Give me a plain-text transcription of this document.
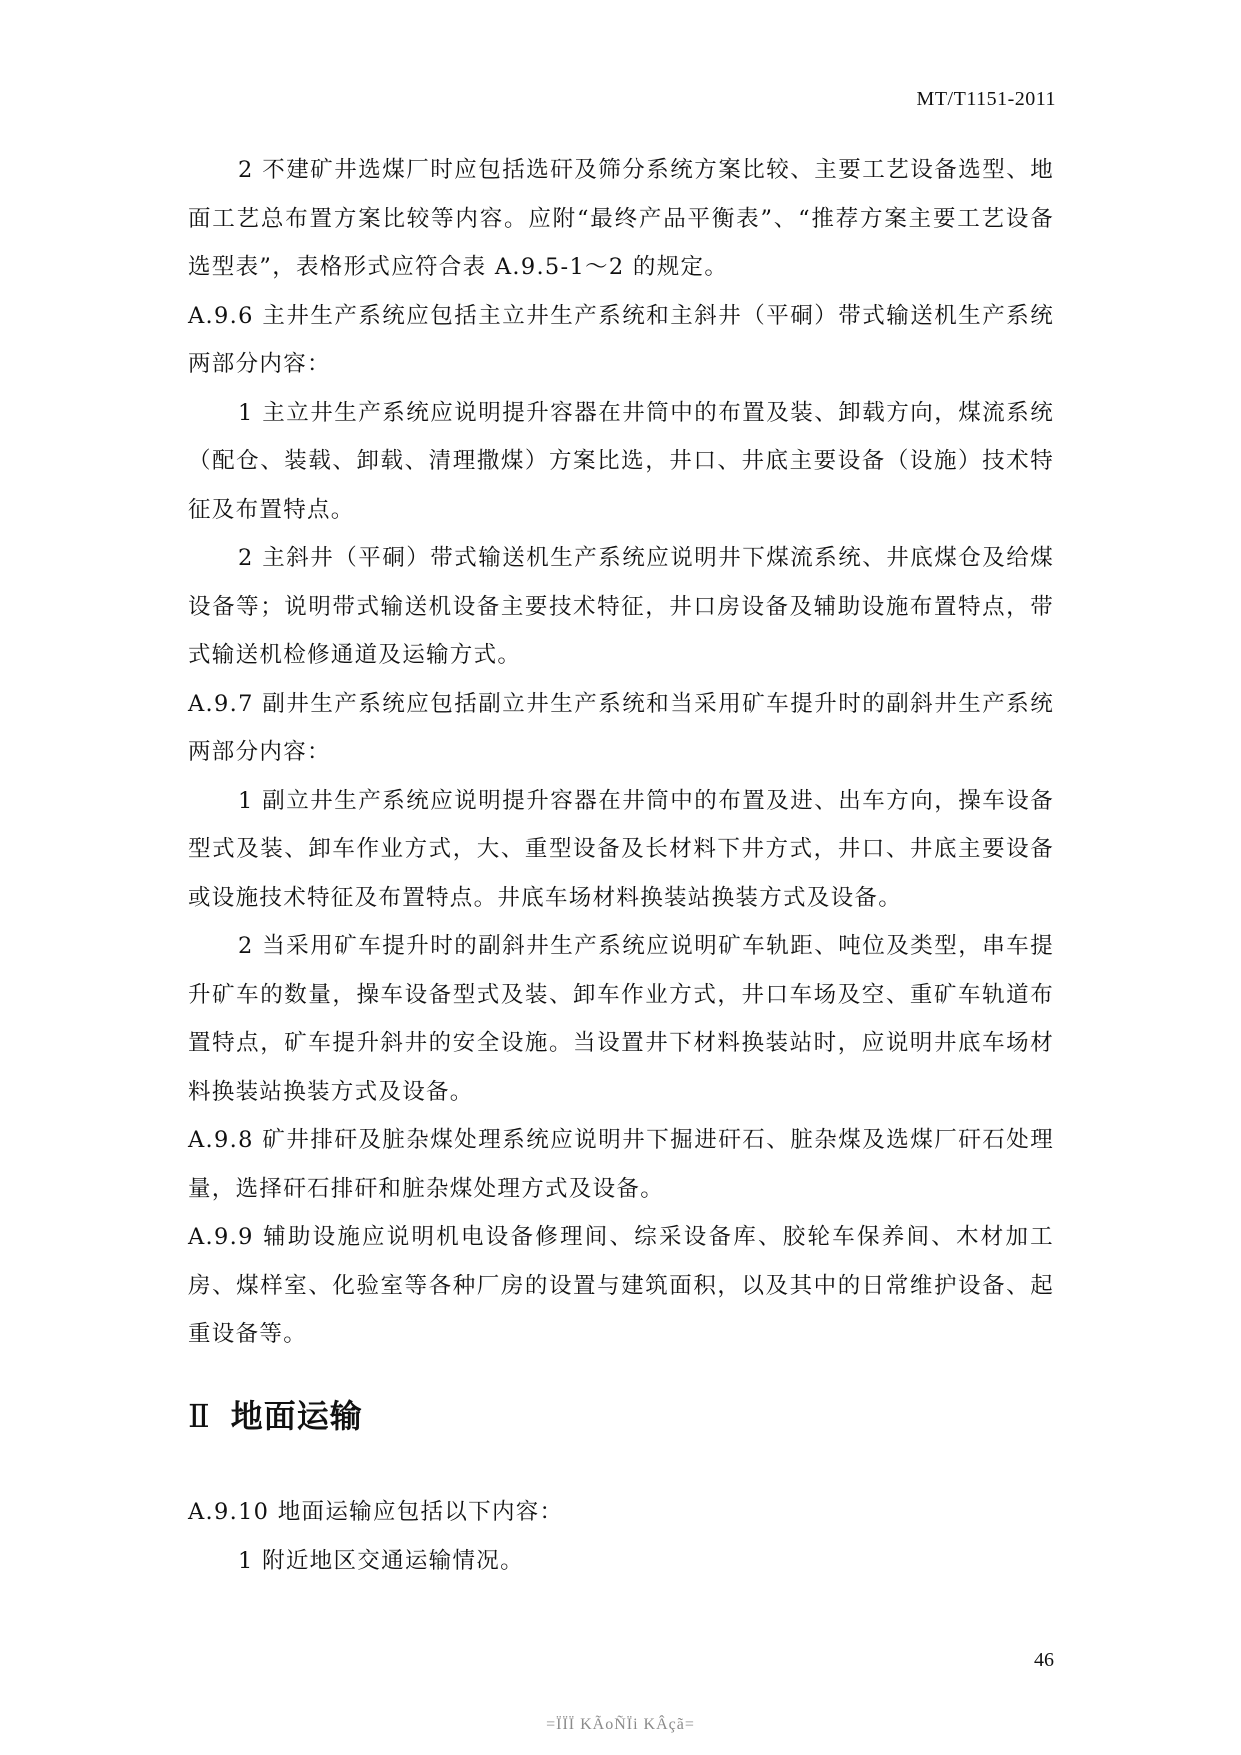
MT/T1151-2011

2 不建矿井选煤厂时应包括选矸及筛分系统方案比较、主要工艺设备选型、地面工艺总布置方案比较等内容。应附“最终产品平衡表”、“推荐方案主要工艺设备选型表”，表格形式应符合表 A.9.5-1～2 的规定。

A.9.6 主井生产系统应包括主立井生产系统和主斜井（平硐）带式输送机生产系统两部分内容：

1 主立井生产系统应说明提升容器在井筒中的布置及装、卸载方向，煤流系统（配仓、装载、卸载、清理撒煤）方案比选，井口、井底主要设备（设施）技术特征及布置特点。

2 主斜井（平硐）带式输送机生产系统应说明井下煤流系统、井底煤仓及给煤设备等；说明带式输送机设备主要技术特征，井口房设备及辅助设施布置特点，带式输送机检修通道及运输方式。

A.9.7 副井生产系统应包括副立井生产系统和当采用矿车提升时的副斜井生产系统两部分内容：

1 副立井生产系统应说明提升容器在井筒中的布置及进、出车方向，操车设备型式及装、卸车作业方式，大、重型设备及长材料下井方式，井口、井底主要设备或设施技术特征及布置特点。井底车场材料换装站换装方式及设备。

2 当采用矿车提升时的副斜井生产系统应说明矿车轨距、吨位及类型，串车提升矿车的数量，操车设备型式及装、卸车作业方式，井口车场及空、重矿车轨道布置特点，矿车提升斜井的安全设施。当设置井下材料换装站时，应说明井底车场材料换装站换装方式及设备。

A.9.8 矿井排矸及脏杂煤处理系统应说明井下掘进矸石、脏杂煤及选煤厂矸石处理量，选择矸石排矸和脏杂煤处理方式及设备。

A.9.9 辅助设施应说明机电设备修理间、综采设备库、胶轮车保养间、木材加工房、煤样室、化验室等各种厂房的设置与建筑面积，以及其中的日常维护设备、起重设备等。

Ⅱ 地面运输

A.9.10 地面运输应包括以下内容：

1 附近地区交通运输情况。

46
=ÏÏÏ KÃoÑÏi KÂçã=
